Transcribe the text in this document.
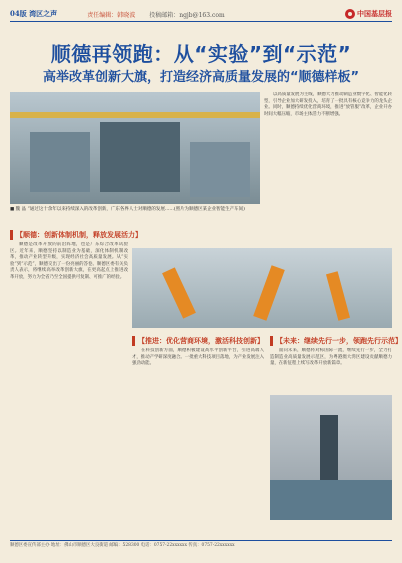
04版 湾区之声	责任编辑：韩晓波 投稿邮箱：ngjb@163.com	中国基层报
顺德再领跑：从“实验”到“示范”
高举改革创新大旗，打造经济高质量发展的“顺德样板”
■ 魏 晶 “通过这十余年以来持续深入的改革创新，广东各界人士对顺德的发展……(照片为顺德区某企业智能生产车间)

以高质量发展为主线，顺德大力推动制造业数字化、智能化转型，引导企业加大研发投入，培育了一批具有核心竞争力的龙头企业。同时，顺德持续优化营商环境，推进“放管服”改革，企业开办时间大幅压缩，市场主体活力不断增强。

【顺德：创新体制机制，释放发展活力】

顺德是改革开放的前沿阵地，也是广东综合改革试验区。近年来，顺德坚持以制造业为基础，深化体制机制改革，推动产业转型升级，实现经济社会高质量发展。从“实验”到“示范”，顺德交出了一份亮丽的答卷。顺德区委有关负责人表示，将继续高举改革创新大旗，在更高起点上推进改革开放，努力为全省乃至全国提供可复制、可推广的经验。

【推进：优化营商环境，激活科技创新】

在科技创新方面，顺德积极建设高水平创新平台，引进高端人才，推动产学研深度融合。一批重大科技项目落地，为产业发展注入强劲动能。

【未来：继续先行一步，领跑先行示范】

面向未来，顺德将对标国际一流，继续先行一步，全力打造制造业高质量发展示范区，为粤港澳大湾区建设贡献顺德力量，在新征程上续写改革开放新篇章。

顺德区委宣传部主办 地址：佛山市顺德区大良街道 邮编：528300 电话：0757-22xxxxxx 传真：0757-22xxxxxx
